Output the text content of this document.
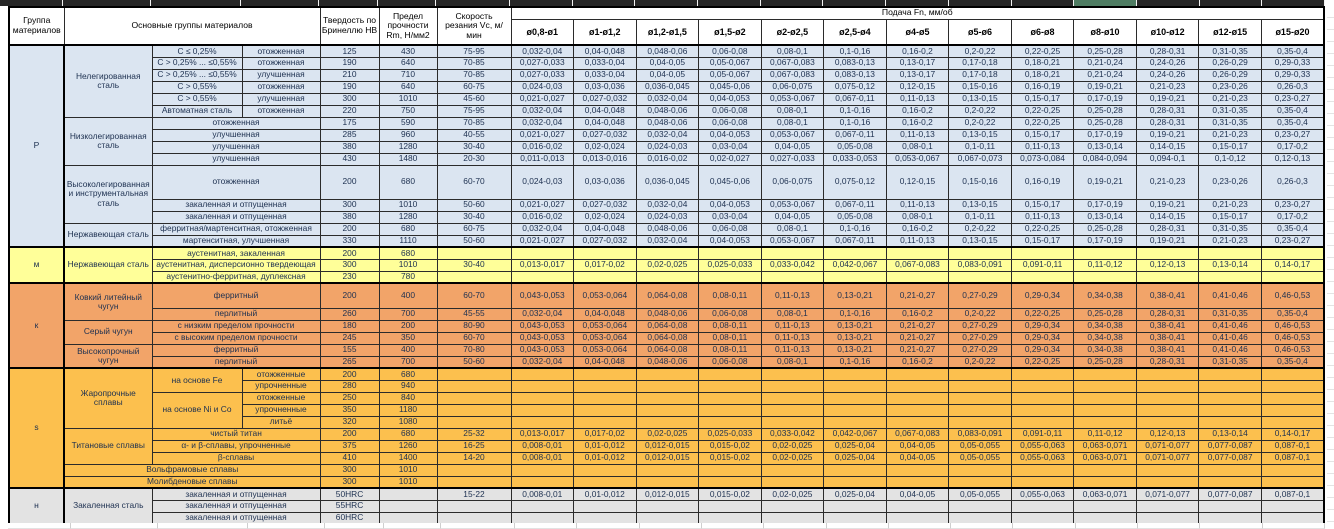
Группа материалов	Основные группы материалов			Твердость по Бринеллю HB	Предел прочности Rm, Н/мм2	Скорость резания Vc, м/мин	Подача Fn, мм/об												
							ø0,8-ø1	ø1-ø1,2	ø1,2-ø1,5	ø1,5-ø2	ø2-ø2,5	ø2,5-ø4	ø4-ø5	ø5-ø6	ø6-ø8	ø8-ø10	ø10-ø12	ø12-ø15	ø15-ø20
P	Нелегированная сталь	C ≤ 0,25%	отожженная	125	430	75-95	0,032-0,04	0,04-0,048	0,048-0,06	0,06-0,08	0,08-0,1	0,1-0,16	0,16-0,2	0,2-0,22	0,22-0,25	0,25-0,28	0,28-0,31	0,31-0,35	0,35-0,4
		C > 0,25% ... ≤0,55%	отожженная	190	640	70-85	0,027-0,033	0,033-0,04	0,04-0,05	0,05-0,067	0,067-0,083	0,083-0,13	0,13-0,17	0,17-0,18	0,18-0,21	0,21-0,24	0,24-0,26	0,26-0,29	0,29-0,33
		C > 0,25% ... ≤0,55%	улучшенная	210	710	70-85	0,027-0,033	0,033-0,04	0,04-0,05	0,05-0,067	0,067-0,083	0,083-0,13	0,13-0,17	0,17-0,18	0,18-0,21	0,21-0,24	0,24-0,26	0,26-0,29	0,29-0,33
		C > 0,55%	отожженная	190	640	60-75	0,024-0,03	0,03-0,036	0,036-0,045	0,045-0,06	0,06-0,075	0,075-0,12	0,12-0,15	0,15-0,16	0,16-0,19	0,19-0,21	0,21-0,23	0,23-0,26	0,26-0,3
		C > 0,55%	улучшенная	300	1010	45-60	0,021-0,027	0,027-0,032	0,032-0,04	0,04-0,053	0,053-0,067	0,067-0,11	0,11-0,13	0,13-0,15	0,15-0,17	0,17-0,19	0,19-0,21	0,21-0,23	0,23-0,27
		Автоматная сталь	отожженная	220	750	75-95	0,032-0,04	0,04-0,048	0,048-0,06	0,06-0,08	0,08-0,1	0,1-0,16	0,16-0,2	0,2-0,22	0,22-0,25	0,25-0,28	0,28-0,31	0,31-0,35	0,35-0,4
	Низколегированная сталь	отожженная		175	590	70-85	0,032-0,04	0,04-0,048	0,048-0,06	0,06-0,08	0,08-0,1	0,1-0,16	0,16-0,2	0,2-0,22	0,22-0,25	0,25-0,28	0,28-0,31	0,31-0,35	0,35-0,4
		улучшенная		285	960	40-55	0,021-0,027	0,027-0,032	0,032-0,04	0,04-0,053	0,053-0,067	0,067-0,11	0,11-0,13	0,13-0,15	0,15-0,17	0,17-0,19	0,19-0,21	0,21-0,23	0,23-0,27
		улучшенная		380	1280	30-40	0,016-0,02	0,02-0,024	0,024-0,03	0,03-0,04	0,04-0,05	0,05-0,08	0,08-0,1	0,1-0,11	0,11-0,13	0,13-0,14	0,14-0,15	0,15-0,17	0,17-0,2
		улучшенная		430	1480	20-30	0,011-0,013	0,013-0,016	0,016-0,02	0,02-0,027	0,027-0,033	0,033-0,053	0,053-0,067	0,067-0,073	0,073-0,084	0,084-0,094	0,094-0,1	0,1-0,12	0,12-0,13
	Высоколегированная и инструментальная сталь	отожженная		200	680	60-70	0,024-0,03	0,03-0,036	0,036-0,045	0,045-0,06	0,06-0,075	0,075-0,12	0,12-0,15	0,15-0,16	0,16-0,19	0,19-0,21	0,21-0,23	0,23-0,26	0,26-0,3
		закаленная и отпущенная		300	1010	50-60	0,021-0,027	0,027-0,032	0,032-0,04	0,04-0,053	0,053-0,067	0,067-0,11	0,11-0,13	0,13-0,15	0,15-0,17	0,17-0,19	0,19-0,21	0,21-0,23	0,23-0,27
		закаленная и отпущенная		380	1280	30-40	0,016-0,02	0,02-0,024	0,024-0,03	0,03-0,04	0,04-0,05	0,05-0,08	0,08-0,1	0,1-0,11	0,11-0,13	0,13-0,14	0,14-0,15	0,15-0,17	0,17-0,2
	Нержавеющая сталь	ферритная/мартенситная, отожженная		200	680	60-75	0,032-0,04	0,04-0,048	0,048-0,06	0,06-0,08	0,08-0,1	0,1-0,16	0,16-0,2	0,2-0,22	0,22-0,25	0,25-0,28	0,28-0,31	0,31-0,35	0,35-0,4
		мартенситная, улучшенная		330	1110	50-60	0,021-0,027	0,027-0,032	0,032-0,04	0,04-0,053	0,053-0,067	0,067-0,11	0,11-0,13	0,13-0,15	0,15-0,17	0,17-0,19	0,19-0,21	0,21-0,23	0,23-0,27
м	Нержавеющая сталь	аустенитная, закаленная		200	680														
		аустенитная, дисперсионно твердеющая		300	1010	30-40	0,013-0,017	0,017-0,02	0,02-0,025	0,025-0,033	0,033-0,042	0,042-0,067	0,067-0,083	0,083-0,091	0,091-0,11	0,11-0,12	0,12-0,13	0,13-0,14	0,14-0,17
		аустенитно-ферритная, дуплексная		230	780														
к	Ковкий литейный чугун	ферритный		200	400	60-70	0,043-0,053	0,053-0,064	0,064-0,08	0,08-0,11	0,11-0,13	0,13-0,21	0,21-0,27	0,27-0,29	0,29-0,34	0,34-0,38	0,38-0,41	0,41-0,46	0,46-0,53
		перлитный		260	700	45-55	0,032-0,04	0,04-0,048	0,048-0,06	0,06-0,08	0,08-0,1	0,1-0,16	0,16-0,2	0,2-0,22	0,22-0,25	0,25-0,28	0,28-0,31	0,31-0,35	0,35-0,4
	Серый чугун	с низким пределом прочности		180	200	80-90	0,043-0,053	0,053-0,064	0,064-0,08	0,08-0,11	0,11-0,13	0,13-0,21	0,21-0,27	0,27-0,29	0,29-0,34	0,34-0,38	0,38-0,41	0,41-0,46	0,46-0,53
		с высоким пределом прочности		245	350	60-70	0,043-0,053	0,053-0,064	0,064-0,08	0,08-0,11	0,11-0,13	0,13-0,21	0,21-0,27	0,27-0,29	0,29-0,34	0,34-0,38	0,38-0,41	0,41-0,46	0,46-0,53
	Высокопрочный чугун	ферритный		155	400	70-80	0,043-0,053	0,053-0,064	0,064-0,08	0,08-0,11	0,11-0,13	0,13-0,21	0,21-0,27	0,27-0,29	0,29-0,34	0,34-0,38	0,38-0,41	0,41-0,46	0,46-0,53
		перлитный		265	700	50-60	0,032-0,04	0,04-0,048	0,048-0,06	0,06-0,08	0,08-0,1	0,1-0,16	0,16-0,2	0,2-0,22	0,22-0,25	0,25-0,28	0,28-0,31	0,31-0,35	0,35-0,4
s	Жаропрочные сплавы	на основе Fe	отожженные	200	680														
			упрочненные	280	940														
		на основе Ni и Co	отожженные	250	840														
			упрочненные	350	1180														
			литьё	320	1080														
	Титановые сплавы	чистый титан		200	680	25-32	0,013-0,017	0,017-0,02	0,02-0,025	0,025-0,033	0,033-0,042	0,042-0,067	0,067-0,083	0,083-0,091	0,091-0,11	0,11-0,12	0,12-0,13	0,13-0,14	0,14-0,17
		α- и β-сплавы, упрочненные		375	1260	16-25	0,008-0,01	0,01-0,012	0,012-0,015	0,015-0,02	0,02-0,025	0,025-0,04	0,04-0,05	0,05-0,055	0,055-0,063	0,063-0,071	0,071-0,077	0,077-0,087	0,087-0,1
		β-сплавы		410	1400	14-20	0,008-0,01	0,01-0,012	0,012-0,015	0,015-0,02	0,02-0,025	0,025-0,04	0,04-0,05	0,05-0,055	0,055-0,063	0,063-0,071	0,071-0,077	0,077-0,087	0,087-0,1
	Вольфрамовые сплавы			300	1010														
	Молибденовые сплавы			300	1010														
н	Закаленная сталь	закаленная и отпущенная		50HRC		15-22	0,008-0,01	0,01-0,012	0,012-0,015	0,015-0,02	0,02-0,025	0,025-0,04	0,04-0,05	0,05-0,055	0,055-0,063	0,063-0,071	0,071-0,077	0,077-0,087	0,087-0,1
		закаленная и отпущенная		55HRC															
		закаленная и отпущенная		60HRC															
